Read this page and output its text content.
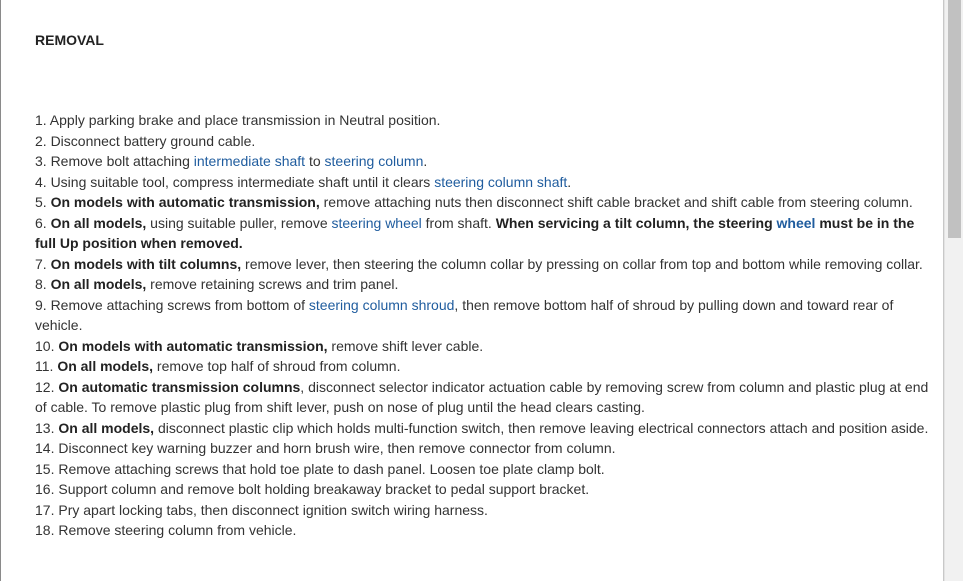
REMOVAL
1. Apply parking brake and place transmission in Neutral position.
2. Disconnect battery ground cable.
3. Remove bolt attaching intermediate shaft to steering column.
4. Using suitable tool, compress intermediate shaft until it clears steering column shaft.
5. On models with automatic transmission, remove attaching nuts then disconnect shift cable bracket and shift cable from steering column.
6. On all models, using suitable puller, remove steering wheel from shaft. When servicing a tilt column, the steering wheel must be in the full Up position when removed.
7. On models with tilt columns, remove lever, then steering the column collar by pressing on collar from top and bottom while removing collar.
8. On all models, remove retaining screws and trim panel.
9. Remove attaching screws from bottom of steering column shroud, then remove bottom half of shroud by pulling down and toward rear of vehicle.
10. On models with automatic transmission, remove shift lever cable.
11. On all models, remove top half of shroud from column.
12. On automatic transmission columns, disconnect selector indicator actuation cable by removing screw from column and plastic plug at end of cable. To remove plastic plug from shift lever, push on nose of plug until the head clears casting.
13. On all models, disconnect plastic clip which holds multi-function switch, then remove leaving electrical connectors attach and position aside.
14. Disconnect key warning buzzer and horn brush wire, then remove connector from column.
15. Remove attaching screws that hold toe plate to dash panel. Loosen toe plate clamp bolt.
16. Support column and remove bolt holding breakaway bracket to pedal support bracket.
17. Pry apart locking tabs, then disconnect ignition switch wiring harness.
18. Remove steering column from vehicle.
